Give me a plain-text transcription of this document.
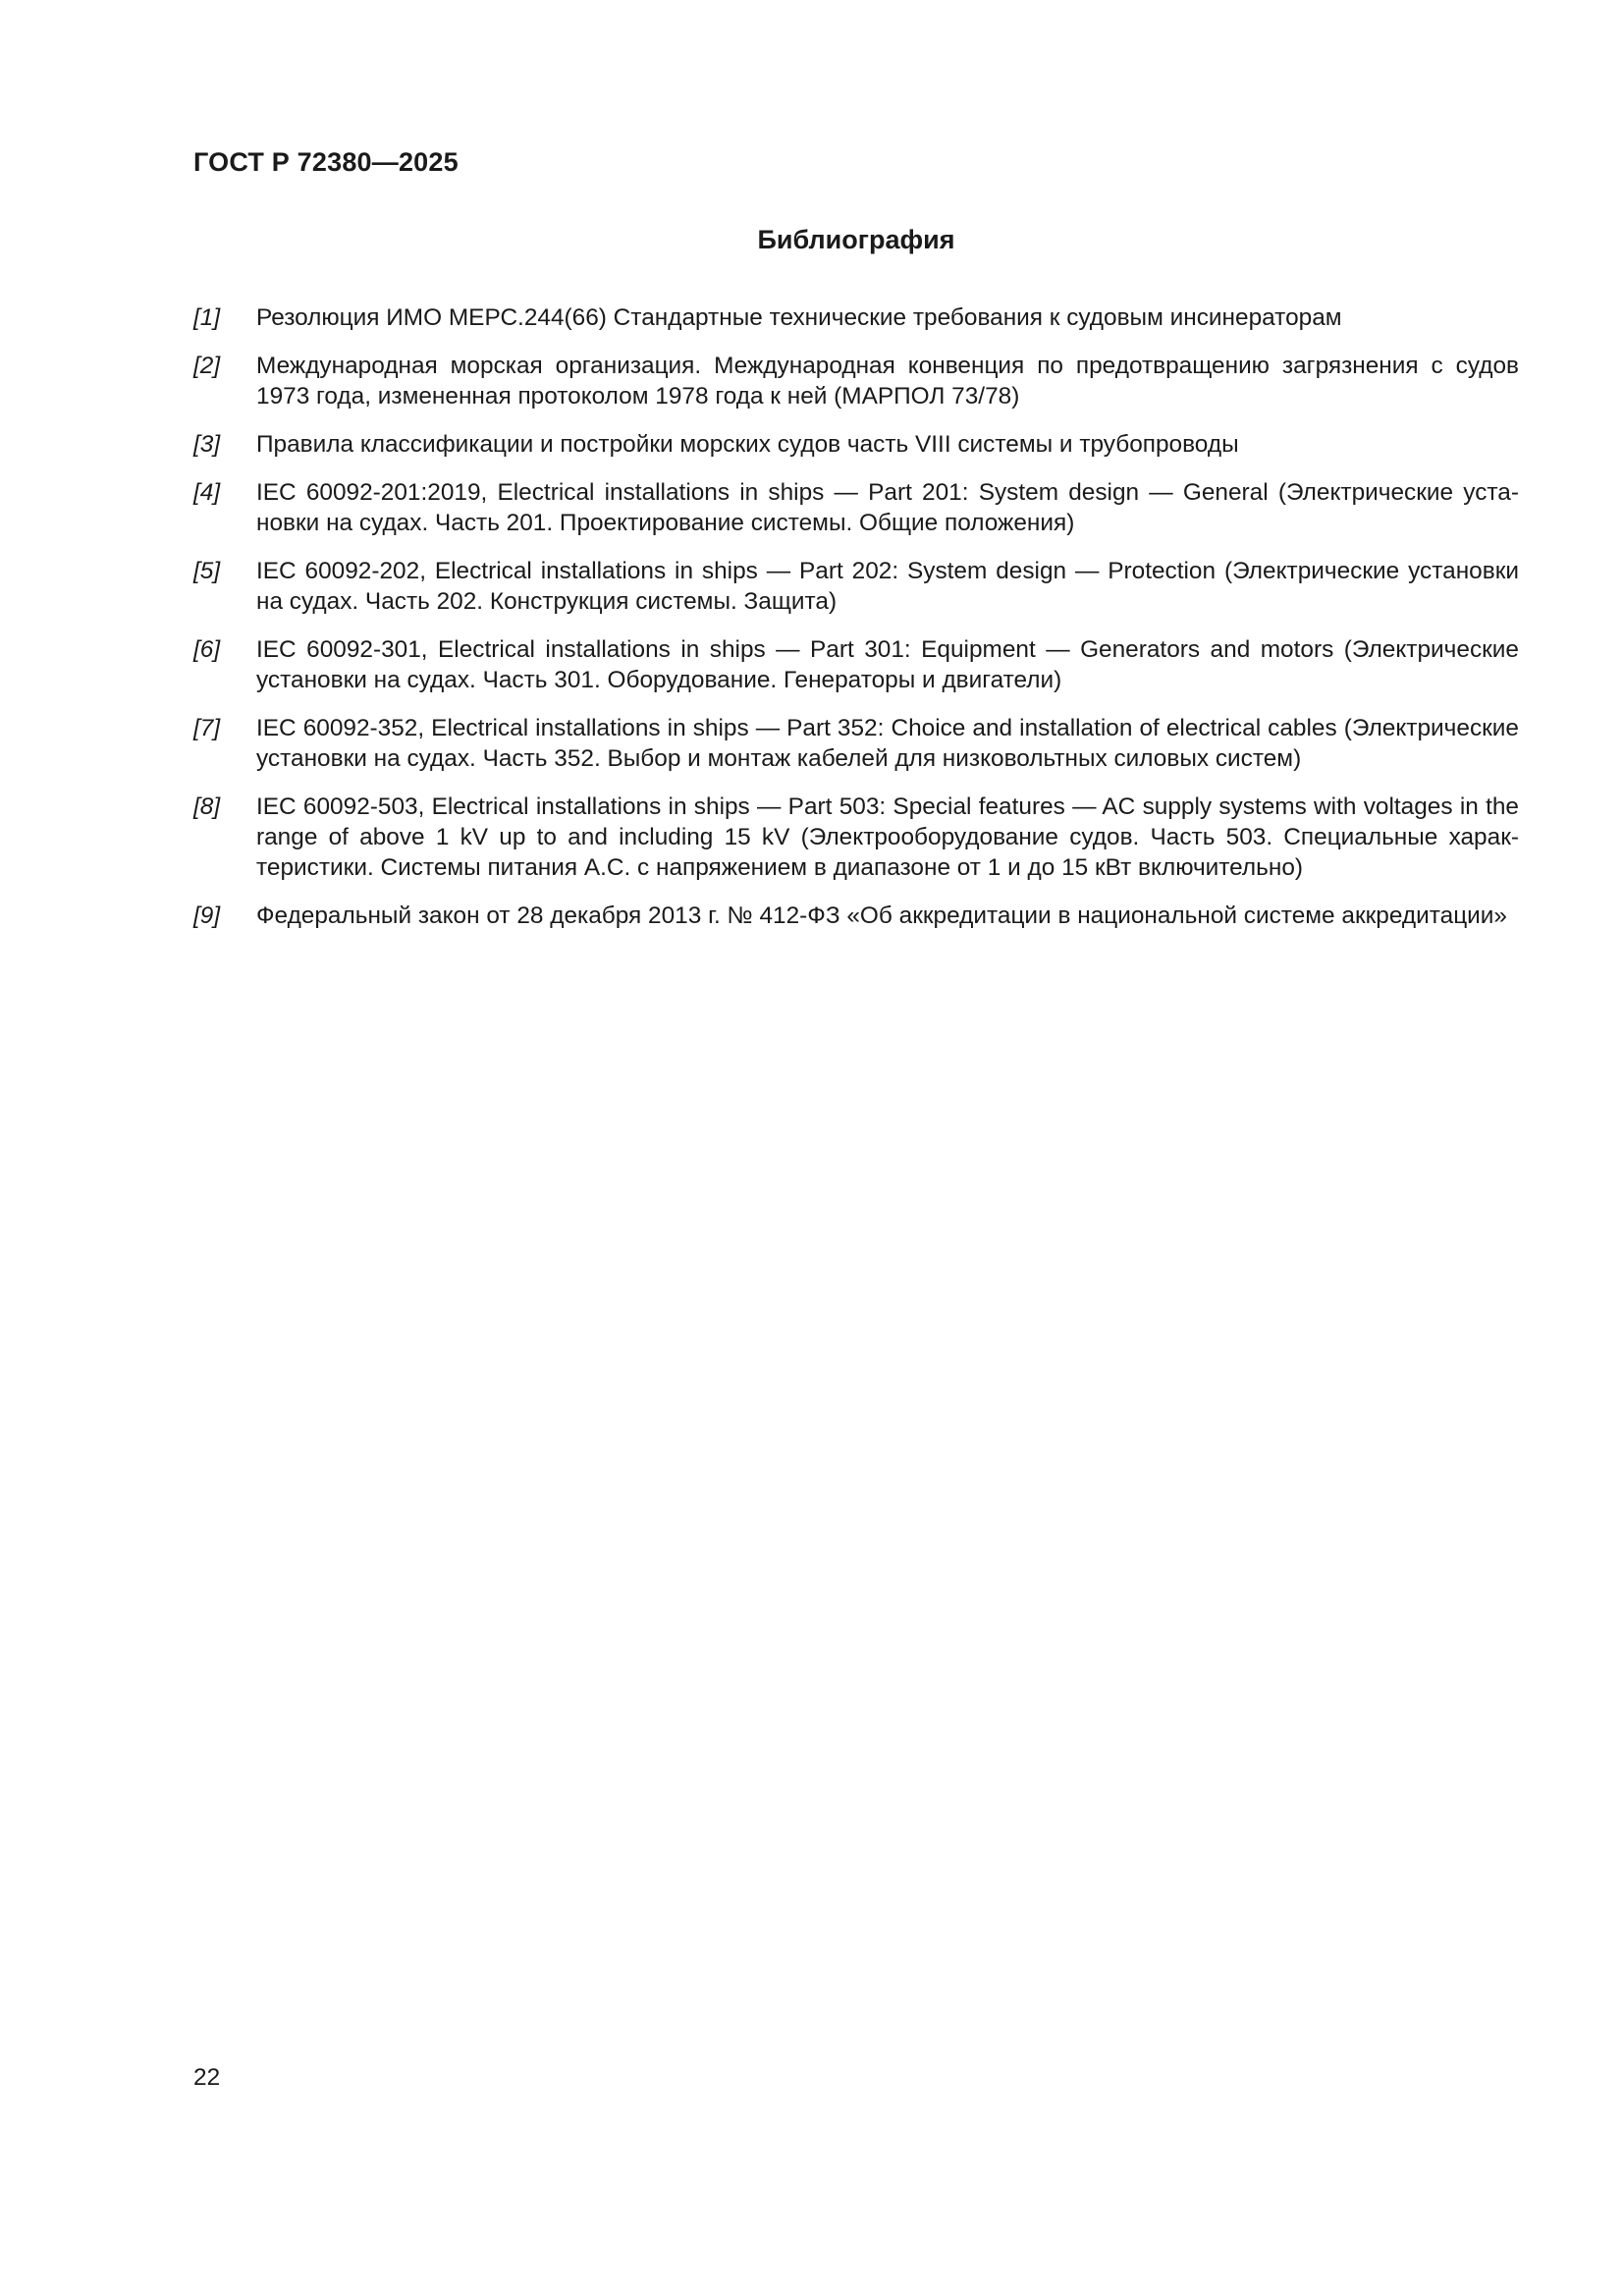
ГОСТ Р 72380—2025
Библиография
[1] Резолюция ИМО МЕРС.244(66) Стандартные технические требования к судовым инсинераторам
[2] Международная морская организация. Международная конвенция по предотвращению загрязнения с судов 1973 года, измененная протоколом 1978 года к ней (МАРПОЛ 73/78)
[3] Правила классификации и постройки морских судов часть VIII системы и трубопроводы
[4] IEC 60092-201:2019, Electrical installations in ships — Part 201: System design — General (Электрические установки на судах. Часть 201. Проектирование системы. Общие положения)
[5] IEC 60092-202, Electrical installations in ships — Part 202: System design — Protection (Электрические установки на судах. Часть 202. Конструкция системы. Защита)
[6] IEC 60092-301, Electrical installations in ships — Part 301: Equipment — Generators and motors (Электрические установки на судах. Часть 301. Оборудование. Генераторы и двигатели)
[7] IEC 60092-352, Electrical installations in ships — Part 352: Choice and installation of electrical cables (Электрические установки на судах. Часть 352. Выбор и монтаж кабелей для низковольтных силовых систем)
[8] IEC 60092-503, Electrical installations in ships — Part 503: Special features — AC supply systems with voltages in the range of above 1 kV up to and including 15 kV (Электрооборудование судов. Часть 503. Специальные характеристики. Системы питания А.С. с напряжением в диапазоне от 1 и до 15 кВт включительно)
[9] Федеральный закон от 28 декабря 2013 г. № 412-ФЗ «Об аккредитации в национальной системе аккредитации»
22
